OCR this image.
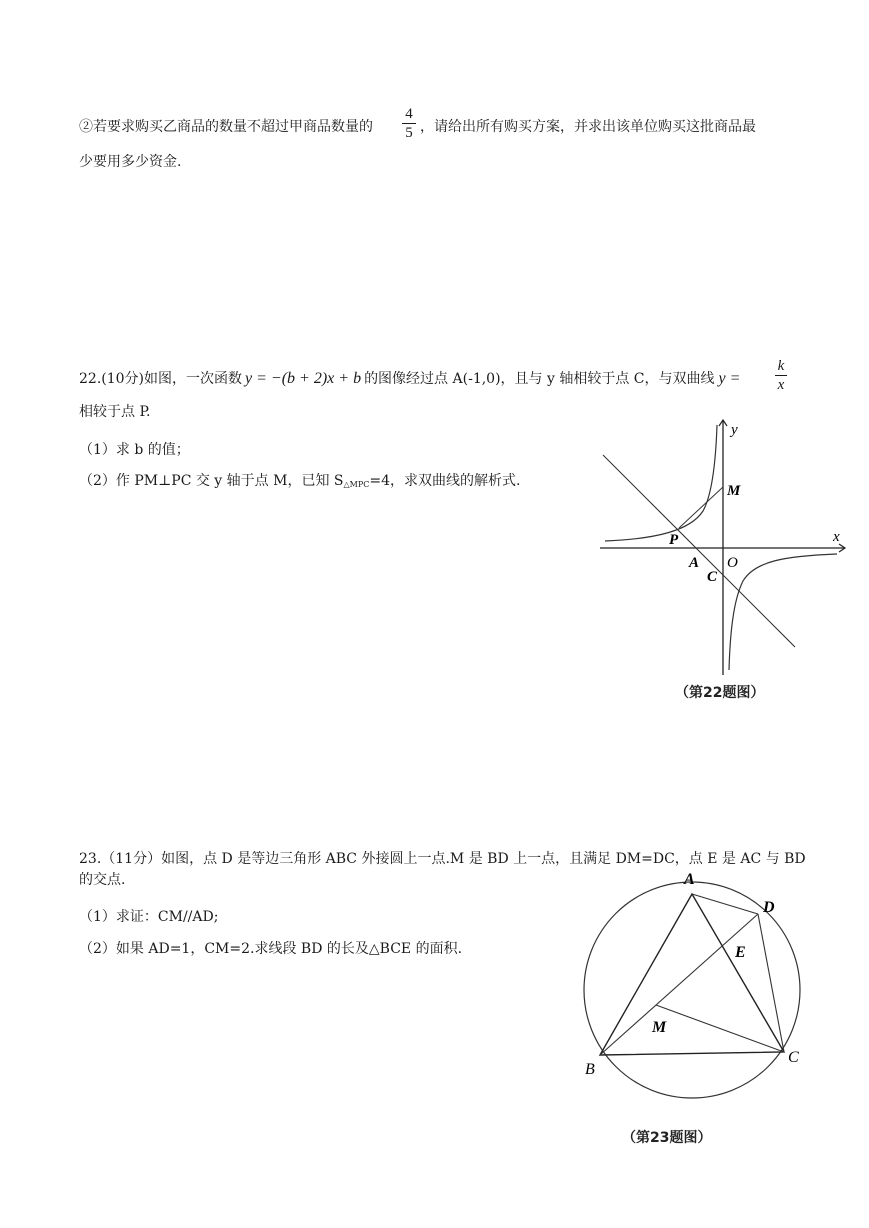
②若要求购买乙商品的数量不超过甲商品数量的
4
5 ，请给出所有购买方案，并求出该单位购买这批商品最
少要用多少资金.
22.(10分)如图，一次函数 y = −(b + 2)x + b 的图像经过点 A(-1,0)，且与 y 轴相较于点 C，与双曲线 y =
k
x
相较于点 P.
（1）求 b 的值；
（2）作 PM⊥PC 交 y 轴于点 M，已知 $S_{\triangle MPC}=4$，求双曲线的解析式.
y
x
M
P
A O
C
（第22题图）
23.（11分）如图，点 D 是等边三角形 ABC 外接圆上一点.M 是 BD 上一点，且满足 DM=DC，点 E 是 AC 与 BD
的交点.
（1）求证：CM//AD;
（2）如果 AD=1，CM=2.求线段 BD 的长及△BCE 的面积.
A
D
E
M
B
C
（第23题图）
